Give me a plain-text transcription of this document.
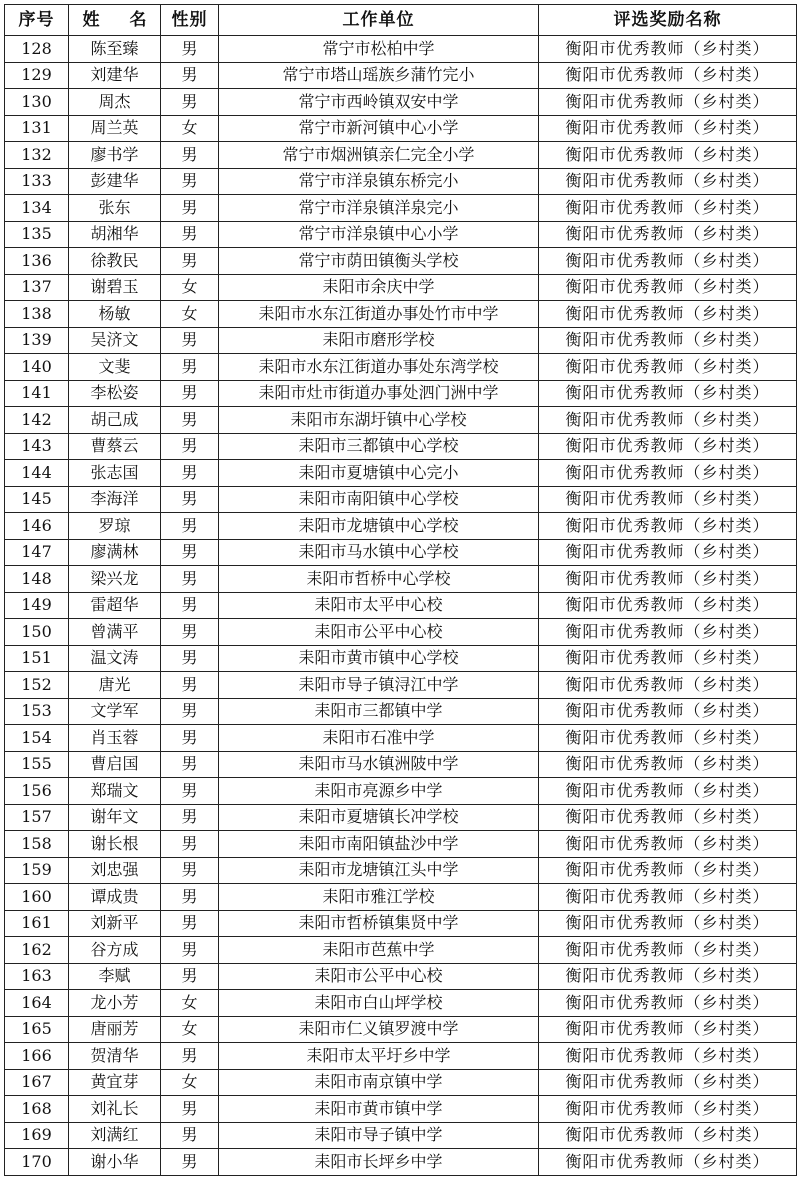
序号	姓 名	性别	工作单位	评选奖励名称
128	陈至臻	男	常宁市松柏中学	衡阳市优秀教师（乡村类）
129	刘建华	男	常宁市塔山瑶族乡蒲竹完小	衡阳市优秀教师（乡村类）
130	周杰	男	常宁市西岭镇双安中学	衡阳市优秀教师（乡村类）
131	周兰英	女	常宁市新河镇中心小学	衡阳市优秀教师（乡村类）
132	廖书学	男	常宁市烟洲镇亲仁完全小学	衡阳市优秀教师（乡村类）
133	彭建华	男	常宁市洋泉镇东桥完小	衡阳市优秀教师（乡村类）
134	张东	男	常宁市洋泉镇洋泉完小	衡阳市优秀教师（乡村类）
135	胡湘华	男	常宁市洋泉镇中心小学	衡阳市优秀教师（乡村类）
136	徐教民	男	常宁市荫田镇衡头学校	衡阳市优秀教师（乡村类）
137	谢碧玉	女	耒阳市余庆中学	衡阳市优秀教师（乡村类）
138	杨敏	女	耒阳市水东江街道办事处竹市中学	衡阳市优秀教师（乡村类）
139	吴济文	男	耒阳市磨形学校	衡阳市优秀教师（乡村类）
140	文斐	男	耒阳市水东江街道办事处东湾学校	衡阳市优秀教师（乡村类）
141	李松姿	男	耒阳市灶市街道办事处泗门洲中学	衡阳市优秀教师（乡村类）
142	胡己成	男	耒阳市东湖圩镇中心学校	衡阳市优秀教师（乡村类）
143	曹蔡云	男	耒阳市三都镇中心学校	衡阳市优秀教师（乡村类）
144	张志国	男	耒阳市夏塘镇中心完小	衡阳市优秀教师（乡村类）
145	李海洋	男	耒阳市南阳镇中心学校	衡阳市优秀教师（乡村类）
146	罗琼	男	耒阳市龙塘镇中心学校	衡阳市优秀教师（乡村类）
147	廖满林	男	耒阳市马水镇中心学校	衡阳市优秀教师（乡村类）
148	梁兴龙	男	耒阳市哲桥中心学校	衡阳市优秀教师（乡村类）
149	雷超华	男	耒阳市太平中心校	衡阳市优秀教师（乡村类）
150	曾满平	男	耒阳市公平中心校	衡阳市优秀教师（乡村类）
151	温文涛	男	耒阳市黄市镇中心学校	衡阳市优秀教师（乡村类）
152	唐光	男	耒阳市导子镇浔江中学	衡阳市优秀教师（乡村类）
153	文学军	男	耒阳市三都镇中学	衡阳市优秀教师（乡村类）
154	肖玉蓉	男	耒阳市石准中学	衡阳市优秀教师（乡村类）
155	曹启国	男	耒阳市马水镇洲陂中学	衡阳市优秀教师（乡村类）
156	郑瑞文	男	耒阳市亮源乡中学	衡阳市优秀教师（乡村类）
157	谢年文	男	耒阳市夏塘镇长冲学校	衡阳市优秀教师（乡村类）
158	谢长根	男	耒阳市南阳镇盐沙中学	衡阳市优秀教师（乡村类）
159	刘忠强	男	耒阳市龙塘镇江头中学	衡阳市优秀教师（乡村类）
160	谭成贵	男	耒阳市雅江学校	衡阳市优秀教师（乡村类）
161	刘新平	男	耒阳市哲桥镇集贤中学	衡阳市优秀教师（乡村类）
162	谷方成	男	耒阳市芭蕉中学	衡阳市优秀教师（乡村类）
163	李赋	男	耒阳市公平中心校	衡阳市优秀教师（乡村类）
164	龙小芳	女	耒阳市白山坪学校	衡阳市优秀教师（乡村类）
165	唐丽芳	女	耒阳市仁义镇罗渡中学	衡阳市优秀教师（乡村类）
166	贺清华	男	耒阳市太平圩乡中学	衡阳市优秀教师（乡村类）
167	黄宜芽	女	耒阳市南京镇中学	衡阳市优秀教师（乡村类）
168	刘礼长	男	耒阳市黄市镇中学	衡阳市优秀教师（乡村类）
169	刘满红	男	耒阳市导子镇中学	衡阳市优秀教师（乡村类）
170	谢小华	男	耒阳市长坪乡中学	衡阳市优秀教师（乡村类）
